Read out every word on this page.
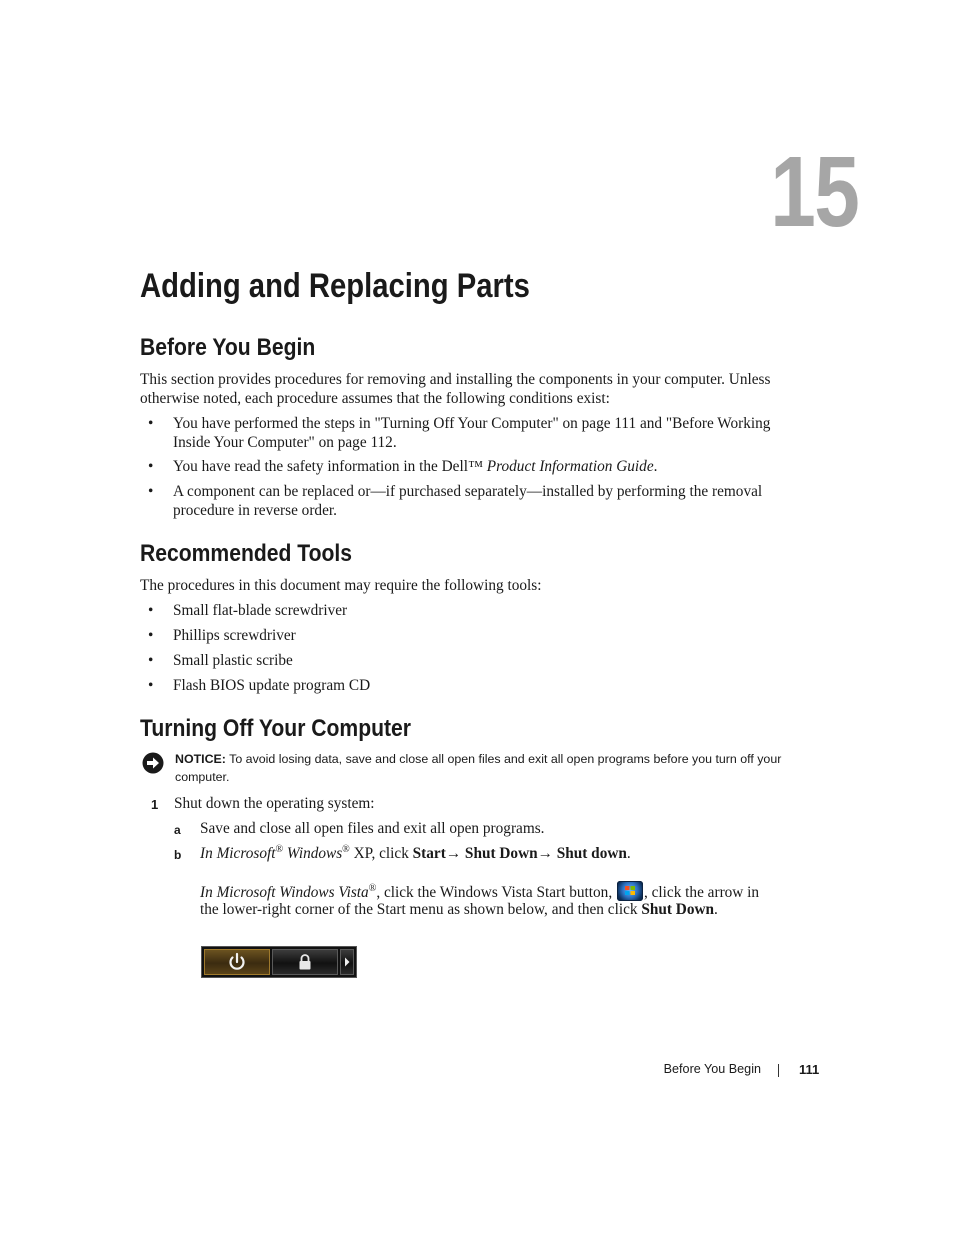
15
Adding and Replacing Parts
Before You Begin

This section provides procedures for removing and installing the components in your computer. Unless otherwise noted, each procedure assumes that the following conditions exist:

• You have performed the steps in "Turning Off Your Computer" on page 111 and "Before Working Inside Your Computer" on page 112.
• You have read the safety information in the Dell™ Product Information Guide.
• A component can be replaced or—if purchased separately—installed by performing the removal procedure in reverse order.
Recommended Tools

The procedures in this document may require the following tools:

• Small flat-blade screwdriver
• Phillips screwdriver
• Small plastic scribe
• Flash BIOS update program CD
Turning Off Your Computer
NOTICE: To avoid losing data, save and close all open files and exit all open programs before you turn off your computer.
1 Shut down the operating system:
a Save and close all open files and exit all open programs.
b In Microsoft® Windows® XP, click Start→ Shut Down→ Shut down.
In Microsoft Windows Vista®, click the Windows Vista Start button,
, click the arrow in
the lower-right corner of the Start menu as shown below, and then click Shut Down.
Before You Begin	111
